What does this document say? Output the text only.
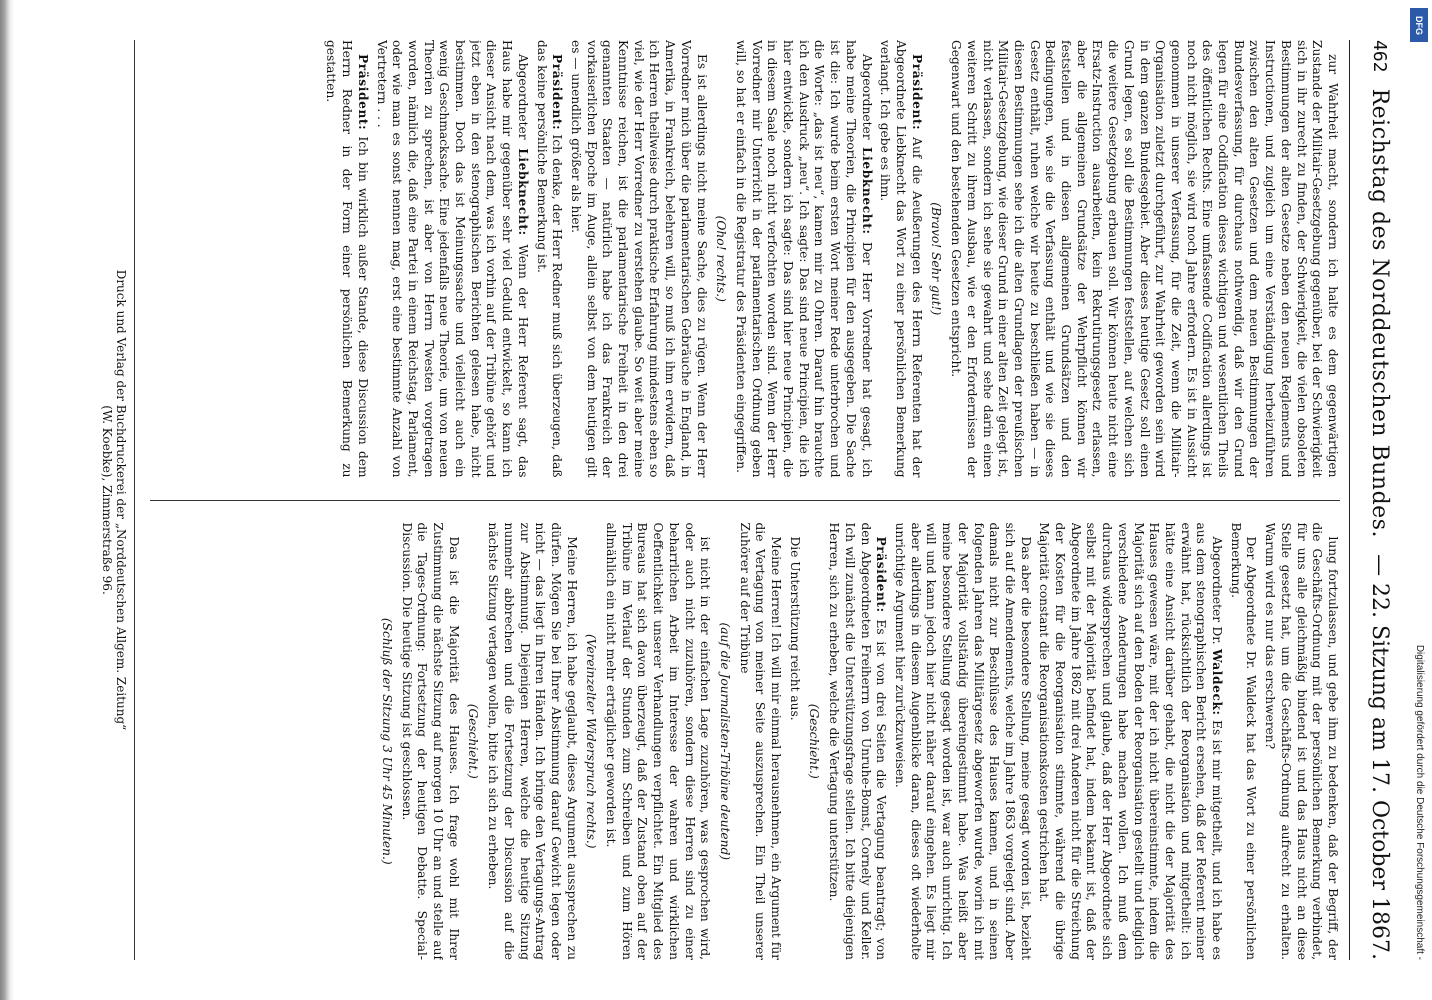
462
Reichstag des Norddeutschen Bundes.
— 22. Sitzung am 17. October 1867.

zur Wahrheit macht, sondern ich halte es dem gegenwärtigen Zustande der Militair-Gesetzgebung gegenüber, bei der Schwierigkeit sich in ihr zurecht zu finden, der Schwierigkeit, die vielen obsoleten Bestimmungen der alten Gesetze neben den neuen Reglements und Instructionen, und zugleich um eine Verständigung herbeizuführen zwischen den alten Gesetzen und dem neuen Bestimmungen der Bundesverfassung, für durchaus nothwendig, daß wir den Grund legen für eine Codification dieses wichtigen und wesentlichen Theils des öffentlichen Rechts. Eine umfassende Codification allerdings ist noch nicht möglich, sie wird noch Jahre erfordern. Es ist in Aussicht genommen in unserer Verfassung, für die Zeit, wenn die Militair-Organisation zuletzt durchgeführt, zur Wahrheit geworden sein wird in dem ganzen Bundesgebiet. Aber dieses heutige Gesetz soll einen Grund legen, es soll die Bestimmungen feststellen, auf welchen sich die weitere Gesetzgebung erbauen soll. Wir können heute nicht eine Ersatz-Instruction ausarbeiten, kein Rekrutirungsgesetz erlassen, aber die allgemeinen Grundsätze der Wehrpflicht können wir feststellen und in diesen allgemeinen Grundsätzen und den Bedingungen, wie sie die Verfassung enthält und wie sie dieses Gesetz enthält, ruhen welche wir heute zu beschließen haben — in diesen Bestimmungen sehe ich die alten Grundlagen der preußischen Militair-Gesetzgebung, wie dieser Grund in einer alten Zeit gelegt ist, nicht verlassen, sondern ich sehe sie gewahrt und sehe darin einen weiteren Schritt zu ihrem Ausbau, wie er den Erfordernissen der Gegenwart und den bestehenden Gesetzen entspricht.

(Bravo! Sehr gut!)

Präsident: Auf die Aeußerungen des Herrn Referenten hat der Abgeordnete Liebknecht das Wort zu einer persönlichen Bemerkung verlangt. Ich gebe es ihm.

Abgeordneter Liebknecht: Der Herr Vorredner hat gesagt, ich habe meine Theorien, die Principien für den ausgegeben. Die Sache ist die: Ich wurde beim ersten Wort meiner Rede unterbrochen und die Worte: „das ist neu“, kamen mir zu Ohren. Darauf hin brauchte ich den Ausdruck „neu“. Ich sagte: Das sind neue Principien, die ich hier entwickle, sondern ich sagte: Das sind hier neue Principien, die in diesem Saale noch nicht verfochten worden sind. Wenn der Herr Vorredner mir Unterricht in der parlamentarischen Ordnung geben will, so hat er einfach in die Registratur des Präsidenten eingegriffen.

(Oho! rechts.)

Es ist allerdings nicht meine Sache, dies zu rügen. Wenn der Herr Vorredner mich über die parlamentarischen Gebräuche in England, in Amerika, in Frankreich, belehren will, so muß ich ihm erwidern, daß ich Herren theilweise durch praktische Erfahrung mindestens eben so viel, wie der Herr Vorredner zu verstehen glaube. So weit aber meine Kenntnisse reichen, ist die parlamentarische Freiheit in den drei genannten Staaten — natürlich habe ich das Frankreich der vorkaiserlichen Epoche im Auge, allein selbst von dem heutigen gilt es — unendlich größer als hier.

Präsident: Ich denke, der Herr Redner muß sich überzeugen, daß das keine persönliche Bemerkung ist.

Abgeordneter Liebknecht: Wenn der Herr Referent sagt, das Haus habe mir gegenüber sehr viel Geduld entwickelt, so kann ich dieser Ansicht nach dem, was ich vorhin auf der Tribüne gehört und jetzt eben in den stenographischen Berichten gelesen habe, nicht bestimmen. Doch das ist Meinungssache und vielleicht auch ein wenig Geschmacksache. Eine jedenfalls neue Theorie, um von neuen Theorien zu sprechen, ist aber von Herrn Twesten vorgetragen worden, nämlich die, daß eine Partei in einem Reichstag, Parlament, oder wie man es sonst nennen mag, erst eine bestimmte Anzahl von Vertretern . . .

Präsident: Ich bin wirklich außer Stande, diese Discussion dem Herrn Redner in der Form einer persönlichen Bemerkung zu gestatten.

lung fortzulassen, und gebe ihm zu bedenken, daß der Begriff, der die Geschäfts-Ordnung mit der persönlichen Bemerkung verbindet, für uns alle gleichmäßig bindend ist und das Haus nicht an diese Stelle gesetzt hat, um die Geschäfts-Ordnung aufrecht zu erhalten. Warum wird es nur das erschweren?

Der Abgeordnete Dr. Waldeck hat das Wort zu einer persönlichen Bemerkung.

Abgeordneter Dr. Waldeck: Es ist mir mitgetheilt, und ich habe es aus dem stenographischen Bericht ersehen, daß der Referent meiner erwähnt hat, rücksichtlich der Reorganisation und mitgetheilt: ich hätte eine Ansicht darüber gehabt, die nicht die der Majorität des Hauses gewesen wäre, mit der ich nicht übereinstimmte, indem die Majorität sich auf den Boden der Reorganisation gestellt und lediglich verschiedene Aenderungen habe machen wollen. Ich muß dem durchaus widersprechen und glaube, daß der Herr Abgeordnete sich selbst mit der Majorität befindet hat, indem bekannt ist, daß der Abgeordnete im Jahre 1862 mit drei Anderen nicht für die Streichung der Kosten für die Reorganisation stimmte, während die übrige Majorität constant die Reorganisationskosten gestrichen hat.

Das aber die besondere Stellung, meine gesagt worden ist, bezieht sich auf die Amendements, welche im Jahre 1863 vorgelegt sind. Aber damals nicht zur Beschlüsse des Hauses kamen, und in seinen folgenden Jahren das Militärgesetz abgeworfen wurde, worin ich mit der Majorität vollständig übereingestimmt habe. Was heißt aber meine besondere Stellung gesagt worden ist, war auch unrichtig. Ich will und kann jedoch hier nicht näher darauf eingehen. Es liegt mir aber allerdings in diesem Augenblicke daran, dieses oft wiederholte unrichtige Argument hier zurückzuweisen.

Präsident: Es ist von drei Seiten die Vertagung beantragt; von den Abgeordneten Freiherrn von Unruhe-Bomst, Cornely und Keller. Ich will zunächst die Unterstützungsfrage stellen. Ich bitte diejenigen Herren, sich zu erheben, welche die Vertagung unterstützen.

(Geschieht.)

Die Unterstützung reicht aus.

Meine Herren! Ich will mir einmal herausnehmen, ein Argument für die Vertagung von meiner Seite auszusprechen. Ein Theil unserer Zuhörer auf der Tribüne

(auf die Journalisten-Tribüne deutend)

ist nicht in der einfachen Lage zuzuhören, was gesprochen wird, oder auch nicht zuzuhören, sondern diese Herren sind zu einer beharrlichen Arbeit im Interesse der wahren und wirklichen Oeffentlichkeit unserer Verhandlungen verpflichtet. Ein Mitglied des Bureaus hat sich davon überzeugt, daß der Zustand oben auf der Tribüne im Verlauf der Stunden zum Schreiben und zum Hören allmählich ein nicht mehr erträglicher geworden ist.

(Vereinzelter Widerspruch rechts.)

Meine Herren, ich habe geglaubt, dieses Argument aussprechen zu dürfen. Mögen Sie bei Ihrer Abstimmung darauf Gewicht legen oder nicht — das liegt in Ihren Händen. Ich bringe den Vertagungs-Antrag zur Abstimmung. Diejenigen Herren, welche die heutige Sitzung nunmehr abbrechen und die Fortsetzung der Discussion auf die nächste Sitzung vertagen wollen, bitte ich sich zu erheben.

(Geschieht.)

Das ist die Majorität des Hauses. Ich frage wohl mit Ihrer Zustimmung die nächste Sitzung auf morgen 10 Uhr an und stelle auf die Tages-Ordnung: Fortsetzung der heutigen Debatte. Special-Discussion. Die heutige Sitzung ist geschlossen.

(Schluß der Sitzung 3 Uhr 45 Minuten.)

Druck und Verlag der Buchdruckerei der „Norddeutschen Allgem. Zeitung“
(W. Koebke), Zimmerstraße 96.
DFG
Digitalisierung gefördert durch die Deutsche Forschungsgemeinschaft -
